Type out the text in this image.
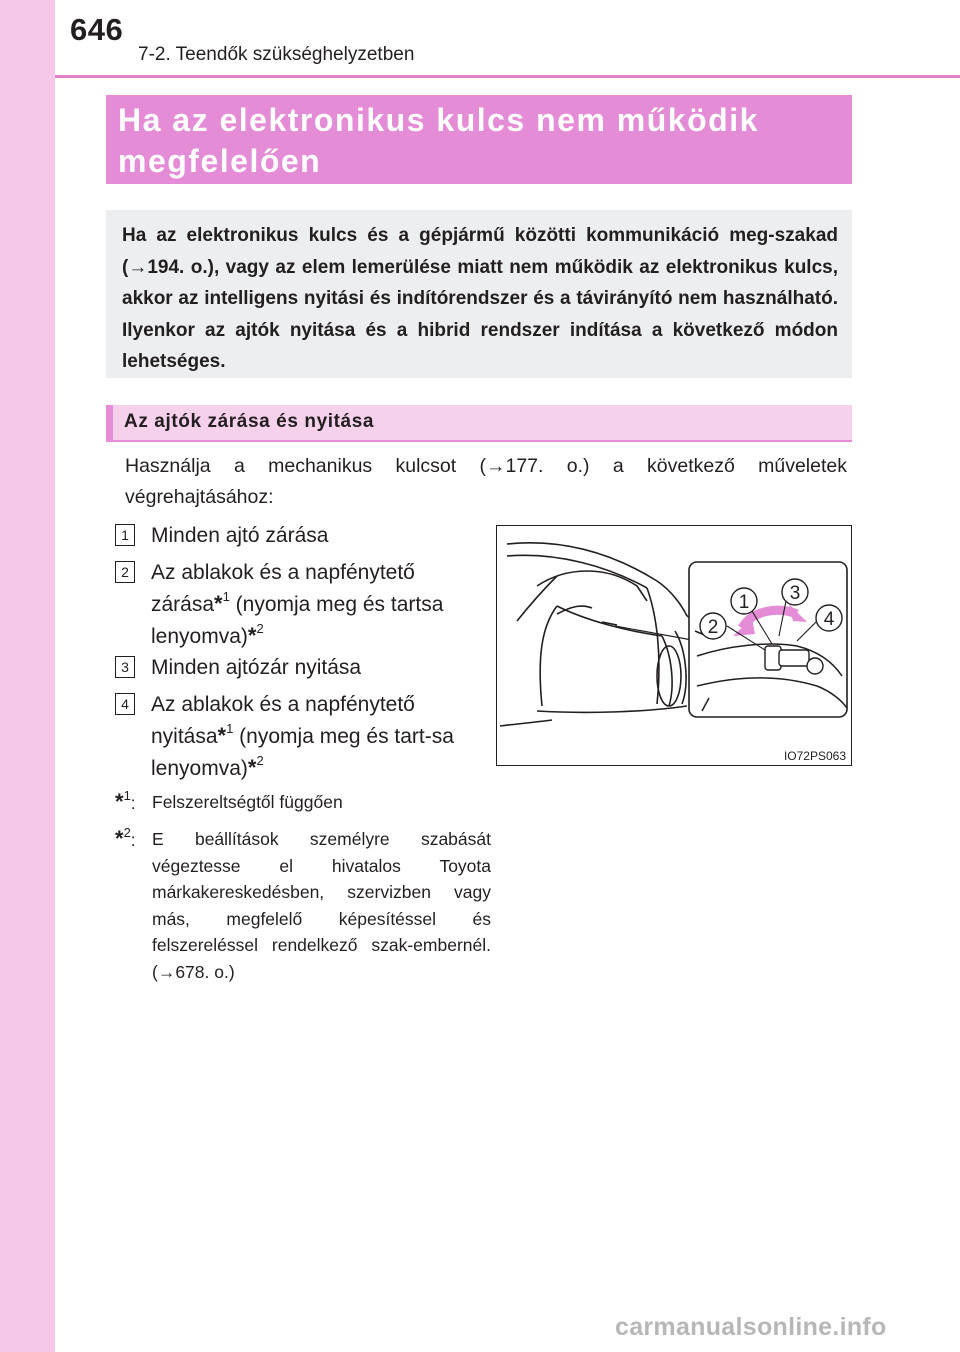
646
7-2. Teendők szükséghelyzetben

Ha az elektronikus kulcs nem működik

megfelelően

Ha az elektronikus kulcs és a gépjármű közötti kommunikáció meg-szakad (→194. o.), vagy az elem lemerülése miatt nem működik az elektronikus kulcs, akkor az intelligens nyitási és indítórendszer és a távirányító nem használható. Ilyenkor az ajtók nyitása és a hibrid rendszer indítása a következő módon lehetséges.

Az ajtók zárása és nyitása

Használja a mechanikus kulcsot (→177. o.) a következő műveletek végrehajtásához:

1 Minden ajtó zárása

2 Az ablakok és a napfénytető zárása*$^1$ (nyomja meg és tartsa lenyomva)*$^2$

3 Minden ajtózár nyitása

4 Az ablakok és a napfénytető nyitása*$^1$ (nyomja meg és tart-sa lenyomva)*$^2$

*$^1$: Felszereltségtől függően

*$^2$: E beállítások személyre szabását végeztesse el hivatalos Toyota márkakereskedésben, szervizben vagy más, megfelelő képesítéssel és felszereléssel rendelkező szak-embernél. (→678. o.)

1
2
3
4
IO72PS063
carmanualsonline.info
